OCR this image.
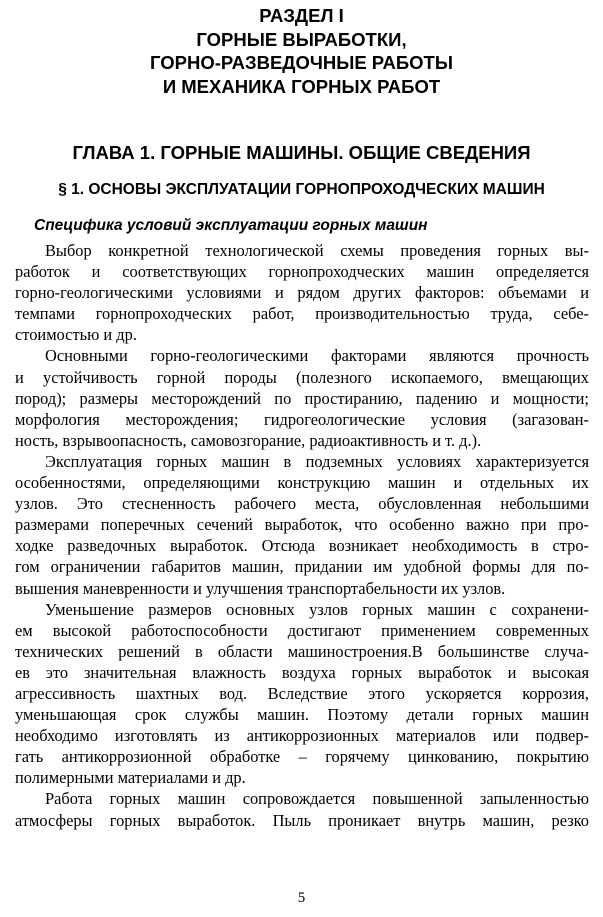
РАЗДЕЛ I
ГОРНЫЕ ВЫРАБОТКИ,
ГОРНО-РАЗВЕДОЧНЫЕ РАБОТЫ
И МЕХАНИКА ГОРНЫХ РАБОТ
ГЛАВА 1. ГОРНЫЕ МАШИНЫ. ОБЩИЕ СВЕДЕНИЯ
§ 1. ОСНОВЫ ЭКСПЛУАТАЦИИ ГОРНОПРОХОДЧЕСКИХ МАШИН
Специфика условий эксплуатации горных машин
Выбор конкретной технологической схемы проведения горных вы-
работок и соответствующих горнопроходческих машин определяется
горно-геологическими условиями и рядом других факторов: объемами и
темпами горнопроходческих работ, производительностью труда, себе-
стоимостью и др.
Основными горно-геологическими факторами являются прочность
и устойчивость горной породы (полезного ископаемого, вмещающих
пород); размеры месторождений по простиранию, падению и мощности;
морфология месторождения; гидрогеологические условия (загазован-
ность, взрывоопасность, самовозгорание, радиоактивность и т. д.).
Эксплуатация горных машин в подземных условиях характеризуется
особенностями, определяющими конструкцию машин и отдельных их
узлов. Это стесненность рабочего места, обусловленная небольшими
размерами поперечных сечений выработок, что особенно важно при про-
ходке разведочных выработок. Отсюда возникает необходимость в стро-
гом ограничении габаритов машин, придании им удобной формы для по-
вышения маневренности и улучшения транспортабельности их узлов.
Уменьшение размеров основных узлов горных машин с сохранени-
ем высокой работоспособности достигают применением современных
технических решений в области машиностроения.В большинстве случа-
ев это значительная влажность воздуха горных выработок и высокая
агрессивность шахтных вод. Вследствие этого ускоряется коррозия,
уменьшающая срок службы машин. Поэтому детали горных машин
необходимо изготовлять из антикоррозионных материалов или подвер-
гать антикоррозионной обработке – горячему цинкованию, покрытию
полимерными материалами и др.
Работа горных машин сопровождается повышенной запыленностью
атмосферы горных выработок. Пыль проникает внутрь машин, резко
5
